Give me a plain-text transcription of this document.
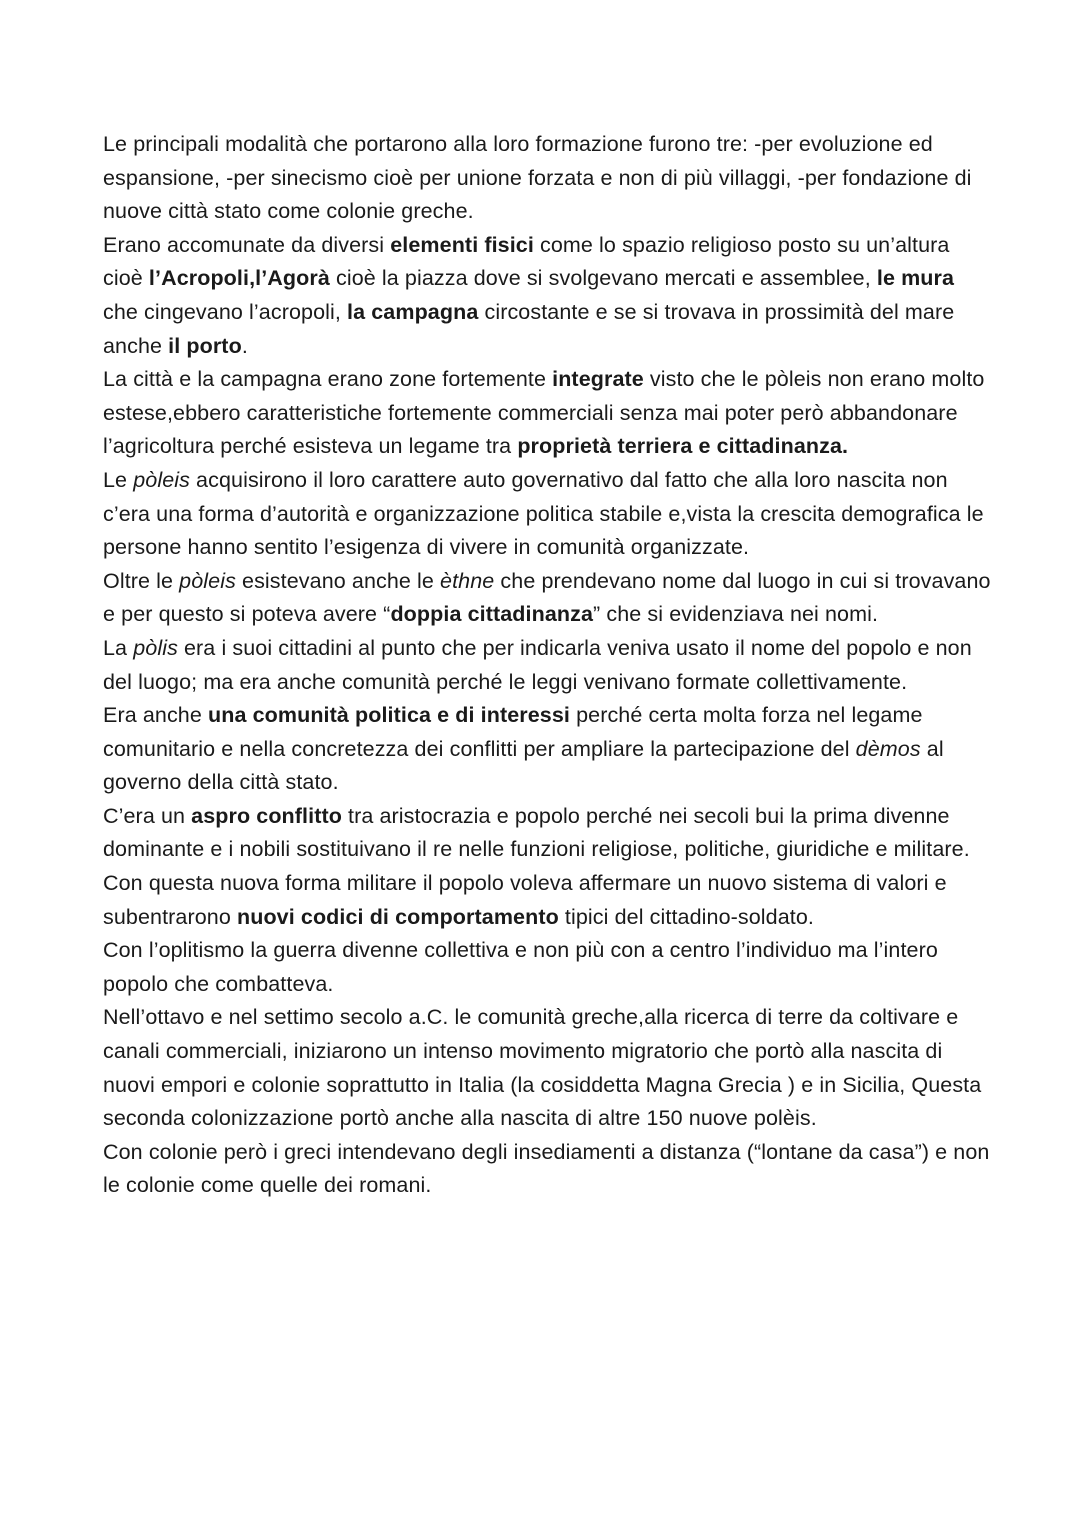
Le principali modalità che portarono alla loro formazione furono tre: -per evoluzione ed espansione, -per sinecismo cioè per unione forzata e non di più villaggi, -per fondazione di nuove città stato come colonie greche.

Erano accomunate da diversi elementi fisici come lo spazio religioso posto su un’altura cioè l’Acropoli,l’Agorà cioè la piazza dove si svolgevano mercati e assemblee, le mura che cingevano l’acropoli, la campagna circostante e se si trovava in prossimità del mare anche il porto.

La città e la campagna erano zone fortemente integrate visto che le pòleis non erano molto estese,ebbero caratteristiche fortemente commerciali senza mai poter però abbandonare l’agricoltura perché esisteva un legame tra proprietà terriera e cittadinanza.

Le pòleis acquisirono il loro carattere auto governativo dal fatto che alla loro nascita non c’era una forma d’autorità e organizzazione politica stabile e,vista la crescita demografica le persone hanno sentito l’esigenza di vivere in comunità organizzate.

Oltre le pòleis esistevano anche le èthne che prendevano nome dal luogo in cui si trovavano e per questo si poteva avere “doppia cittadinanza” che si evidenziava nei nomi.

La pòlis era i suoi cittadini al punto che per indicarla veniva usato il nome del popolo e non del luogo; ma era anche comunità perché le leggi venivano formate collettivamente.

Era anche una comunità politica e di interessi perché certa molta forza nel legame comunitario e nella concretezza dei conflitti per ampliare la partecipazione del dèmos al governo della città stato.

C’era un aspro conflitto tra aristocrazia e popolo perché nei secoli bui la prima divenne dominante e i nobili sostituivano il re nelle funzioni religiose, politiche, giuridiche e militare.

Con questa nuova forma militare il popolo voleva affermare un nuovo sistema di valori e subentrarono nuovi codici di comportamento tipici del cittadino-soldato.

Con l’oplitismo la guerra divenne collettiva e non più con a centro l’individuo ma l’intero popolo che combatteva.

Nell’ottavo e nel settimo secolo a.C. le comunità greche,alla ricerca di terre da coltivare e canali commerciali, iniziarono un intenso movimento migratorio che portò alla nascita di nuovi empori e colonie soprattutto in Italia (la cosiddetta Magna Grecia ) e in Sicilia, Questa seconda colonizzazione portò anche alla nascita di altre 150 nuove polèis.

Con colonie però i greci intendevano degli insediamenti a distanza (“lontane da casa”) e non le colonie come quelle dei romani.
